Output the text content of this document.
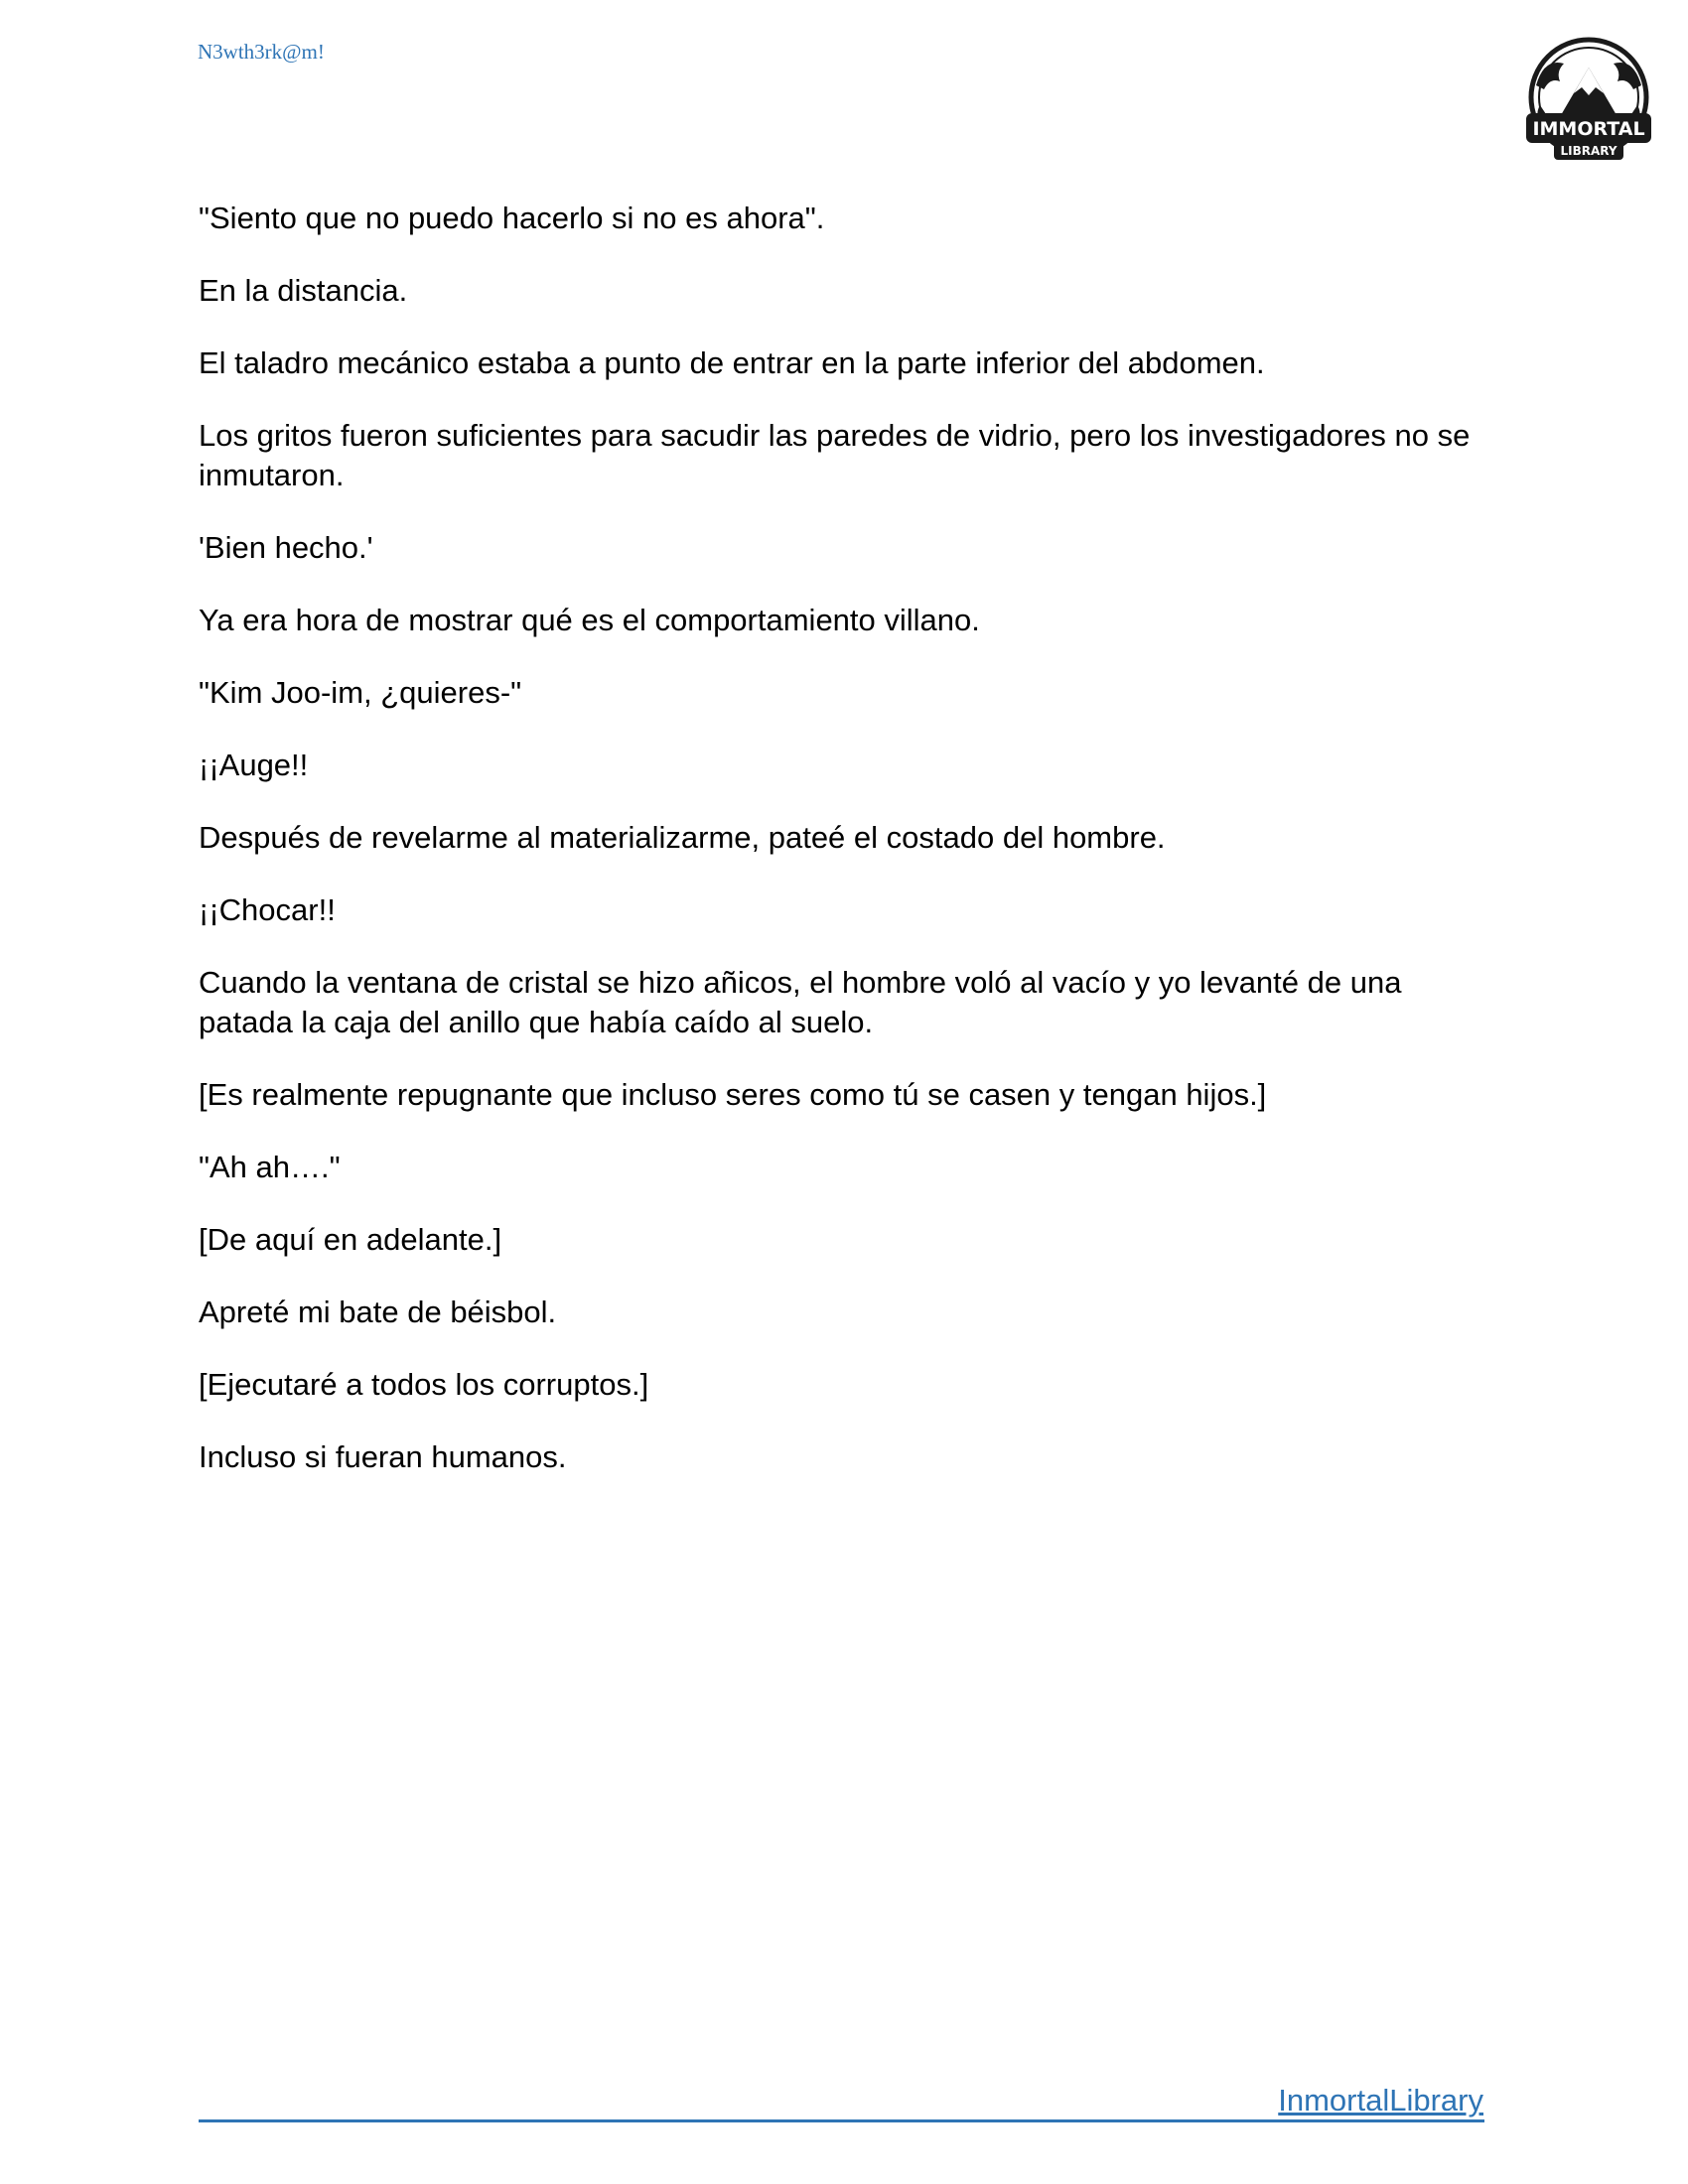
N3wth3rk@m!

IMMORTAL
LIBRARY

"Siento que no puedo hacerlo si no es ahora".

En la distancia.

El taladro mecánico estaba a punto de entrar en la parte inferior del abdomen.

Los gritos fueron suficientes para sacudir las paredes de vidrio, pero los investigadores no se inmutaron.

'Bien hecho.'

Ya era hora de mostrar qué es el comportamiento villano.

"Kim Joo-im, ¿quieres-"

¡¡Auge!!

Después de revelarme al materializarme, pateé el costado del hombre.

¡¡Chocar!!

Cuando la ventana de cristal se hizo añicos, el hombre voló al vacío y yo levanté de una patada la caja del anillo que había caído al suelo.

[Es realmente repugnante que incluso seres como tú se casen y tengan hijos.]

"Ah ah…."

[De aquí en adelante.]

Apreté mi bate de béisbol.

[Ejecutaré a todos los corruptos.]

Incluso si fueran humanos.

InmortalLibrary
